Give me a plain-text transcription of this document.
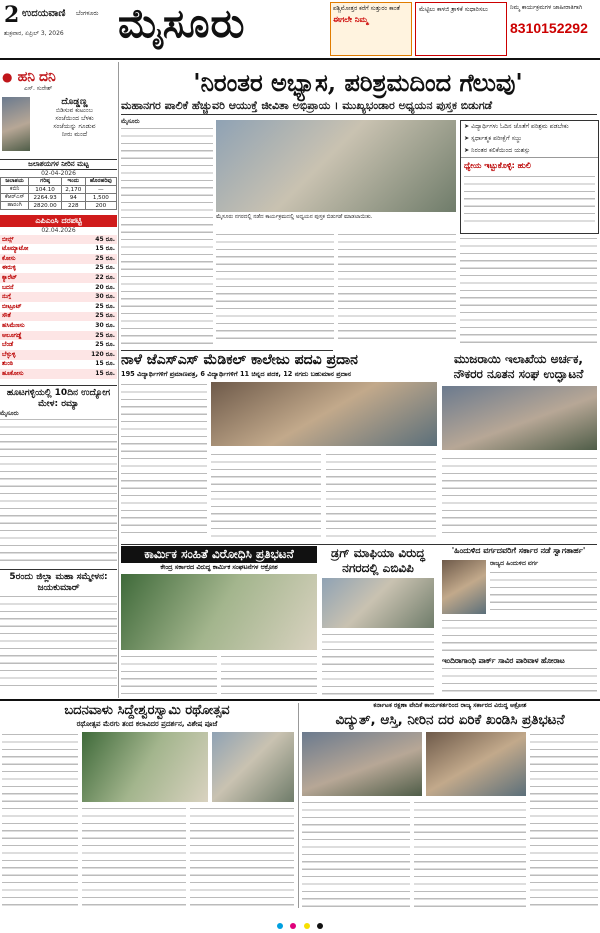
2 ಉದಯವಾಣಿ ಬೆಂಗಳೂರು
ಶುಕ್ರವಾರ, ಏಪ್ರಿಲ್ 3, 2026 ಮೈಸೂರು	ಪಶ್ಚಿಮೋತ್ತರ ಕರೆಗೆ ಸುತ್ತುರಂ ಕಾಂತೆ
ಈಗಲೇ ನಿಮ್ಮ
ಮೆಟ್ಟಿಲು ಕಾಳಜಿ ತ್ರಾಳಿಕೆ ಸುಧಾರಿಸಲು	ನಿಮ್ಮ ಕಾರ್ಯಕ್ರಮಗಳ ಜಾಹೀರಾತಿಗಾಗಿ
8310152292
● ಹನಿ ದನಿ
ಎಸ್. ಸುರೇಶ್
ದೊಡ್ಡಣ್ಣ
ಬಿಡಿಸುವ ಕುಟುಂಬ
ಸಂಜೆಯಿಂದ ಬೆಳಕು
ಸಂಜೆಯನ್ನು ಗೂಡುವ
ನೀರು ಮಂದೆ
ಜಲಾಶಯಗಳ ನೀರಿನ ಮಟ್ಟ
02-04-2026
ಜಲಾಶಯ	ಗರಿಷ್ಠ	ಇಂದು	ಹೊರಹರಿವು
ಕಬಿನಿ	104.10	2,170	—
ಕೆಆರ್‌ಎಸ್	2264.93	94	1,500
ಹಾರಂಗಿ	2820.00	228	200
ಎಪಿಎಂಸಿ ದರಪಟ್ಟಿ
02.04.2026
ಬೀನ್ಸ್	45 ರೂ.
ಟೊಮ್ಯಾಟೋ	15 ರೂ.
ಕೋಸು	25 ರೂ.
ಈರುಳ್ಳಿ	25 ರೂ.
ಕ್ಯಾರೆಟ್	22 ರೂ.
ಬದನೆ	20 ರೂ.
ನುಗ್ಗೆ	30 ರೂ.
ಬೀಟ್ರೂಟ್	25 ರೂ.
ಸೌತೆ	25 ರೂ.
ಹಸಿಮೆಣಸು	30 ರೂ.
ಆಲೂಗಡ್ಡೆ	25 ರೂ.
ಬೆಂಡೆ	25 ರೂ.
ಬೆಳ್ಳುಳ್ಳಿ	120 ರೂ.
ಶುಂಠಿ	15 ರೂ.
ಹೂಕೋಸು	15 ರೂ.
ಹೂಟಗಳ್ಳಿಯಲ್ಲಿ 10ದಿನ ಉದ್ಯೋಗ ಮೇಳ: ರಮ್ಯಾ
ಮೈಸೂರು
5ರಂದು ಜಿಲ್ಲಾ ಮಹಾ ಸಮ್ಮೇಳನ: ಜಯಕುಮಾರ್
'ನಿರಂತರ ಅಭ್ಯಾಸ, ಪರಿಶ್ರಮದಿಂದ ಗೆಲುವು'
ಮಹಾನಗರ ಪಾಲಿಕೆ ಹೆಚ್ಚುವರಿ ಆಯುಕ್ತೆ ಜೀವಿತಾ ಅಭಿಪ್ರಾಯ । ಮುಖ್ಯಭಂಡಾರ ಅಧ್ಯಯನ ಪುಸ್ತಕ ಬಿಡುಗಡೆ
ಮೈಸೂರು
ಮೈಸೂರು ನಗರದಲ್ಲಿ ನಡೆದ ಕಾರ್ಯಕ್ರಮದಲ್ಲಿ ಅಧ್ಯಯನ ಪುಸ್ತಕ ಬಿಡುಗಡೆ ಮಾಡಲಾಯಿತು.
➤ ವಿದ್ಯಾರ್ಥಿಗಳು ಓದಿನ ಜೊತೆಗೆ ಪರಿಶ್ರಮ ಪಡಬೇಕು
➤ ಸ್ಪರ್ಧಾತ್ಮಕ ಪರೀಕ್ಷೆಗೆ ಸಜ್ಜು
➤ ನಿರಂತರ ಕಲಿಕೆಯಿಂದ ಯಶಸ್ಸು
ಧ್ಯೇಯ ಇಟ್ಟುಕೊಳ್ಳಿ: ಹುಲಿ
ನಾಳೆ ಜೆಎಸ್‌ಎಸ್ ಮೆಡಿಕಲ್ ಕಾಲೇಜು ಪದವಿ ಪ್ರದಾನ
195 ವಿದ್ಯಾರ್ಥಿಗಳಿಗೆ ಪ್ರಮಾಣಪತ್ರ, 6 ವಿದ್ಯಾರ್ಥಿಗಳಿಗೆ 11 ಚಿನ್ನದ ಪದಕ, 12 ನಗದು ಬಹುಮಾನ ಪ್ರದಾನ
ಮುಜರಾಯಿ ಇಲಾಖೆಯ ಅರ್ಚಕ, ನೌಕರರ ನೂತನ ಸಂಘ ಉದ್ಘಾಟನೆ
ಕಾರ್ಮಿಕ ಸಂಹಿತೆ ವಿರೋಧಿಸಿ ಪ್ರತಿಭಟನೆ
ಕೇಂದ್ರ ಸರ್ಕಾರದ ವಿರುದ್ಧ ಕಾರ್ಮಿಕ ಸಂಘಟನೆಗಳ ಆಕ್ರೋಶ
ಡ್ರಗ್ ಮಾಫಿಯಾ ವಿರುದ್ಧ ನಗರದಲ್ಲಿ ಎಬಿವಿಪಿ
'ಹಿಂದುಳಿದ ವರ್ಗದವರಿಗೆ ಸರ್ಕಾರ ನಡೆ ಸ್ವಾಗತಾರ್ಹ'
ರಾಜ್ಯದ ಹಿಂದುಳಿದ ವರ್ಗ
ಇಂದಿರಾಗಾಂಧಿ ಪಾರ್ಕ್ ಸಾವಿರ ಪಾರಿವಾಳ ಹೋರಾಟ
ಬದನವಾಳು ಸಿದ್ದೇಶ್ವರಸ್ವಾಮಿ ರಥೋತ್ಸವ
ರಥೋತ್ಸವ ಮೆರಗು ತಂದ ಕಲಾವಿದರ ಪ್ರದರ್ಶನ, ವಿಶೇಷ ಪೂಜೆ
ಕರ್ನಾಟಕ ರಕ್ಷಣಾ ವೇದಿಕೆ ಕಾರ್ಯಕರ್ತರಿಂದ ರಾಜ್ಯ ಸರ್ಕಾರದ ವಿರುದ್ಧ ಆಕ್ರೋಶ
ವಿದ್ಯುತ್, ಆಸ್ತಿ, ನೀರಿನ ದರ ಏರಿಕೆ ಖಂಡಿಸಿ ಪ್ರತಿಭಟನೆ
